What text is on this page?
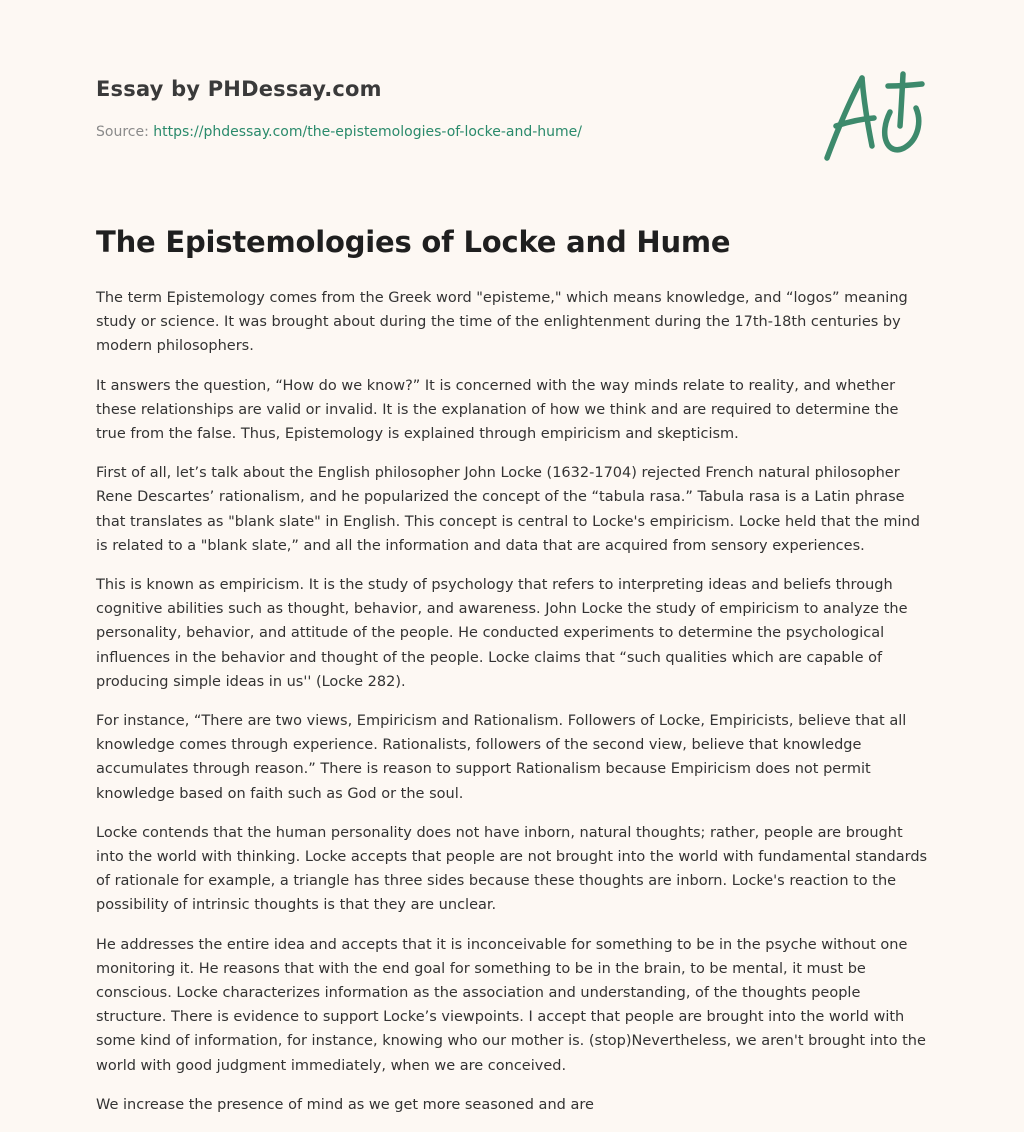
Essay by PHDessay.com
Source: https://phdessay.com/the-epistemologies-of-locke-and-hume/
The Epistemologies of Locke and Hume

The term Epistemology comes from the Greek word "episteme," which means knowledge, and “logos” meaning study or science. It was brought about during the time of the enlightenment during the 17th-18th centuries by modern philosophers.

It answers the question, “How do we know?” It is concerned with the way minds relate to reality, and whether these relationships are valid or invalid. It is the explanation of how we think and are required to determine the true from the false. Thus, Epistemology is explained through empiricism and skepticism.

First of all, let’s talk about the English philosopher John Locke (1632-1704) rejected French natural philosopher Rene Descartes’ rationalism, and he popularized the concept of the “tabula rasa.” Tabula rasa is a Latin phrase that translates as "blank slate" in English. This concept is central to Locke's empiricism. Locke held that the mind is related to a "blank slate,” and all the information and data that are acquired from sensory experiences.

This is known as empiricism. It is the study of psychology that refers to interpreting ideas and beliefs through cognitive abilities such as thought, behavior, and awareness. John Locke the study of empiricism to analyze the personality, behavior, and attitude of the people. He conducted experiments to determine the psychological influences in the behavior and thought of the people. Locke claims that “such qualities which are capable of producing simple ideas in us'' (Locke 282).

For instance, “There are two views, Empiricism and Rationalism. Followers of Locke, Empiricists, believe that all knowledge comes through experience. Rationalists, followers of the second view, believe that knowledge accumulates through reason.” There is reason to support Rationalism because Empiricism does not permit knowledge based on faith such as God or the soul.

Locke contends that the human personality does not have inborn, natural thoughts; rather, people are brought into the world with thinking. Locke accepts that people are not brought into the world with fundamental standards of rationale for example, a triangle has three sides because these thoughts are inborn. Locke's reaction to the possibility of intrinsic thoughts is that they are unclear.

He addresses the entire idea and accepts that it is inconceivable for something to be in the psyche without one monitoring it. He reasons that with the end goal for something to be in the brain, to be mental, it must be conscious. Locke characterizes information as the association and understanding, of the thoughts people structure. There is evidence to support Locke’s viewpoints. I accept that people are brought into the world with some kind of information, for instance, knowing who our mother is. (stop)Nevertheless, we aren't brought into the world with good judgment immediately, when we are conceived.

We increase the presence of mind as we get more seasoned and are
